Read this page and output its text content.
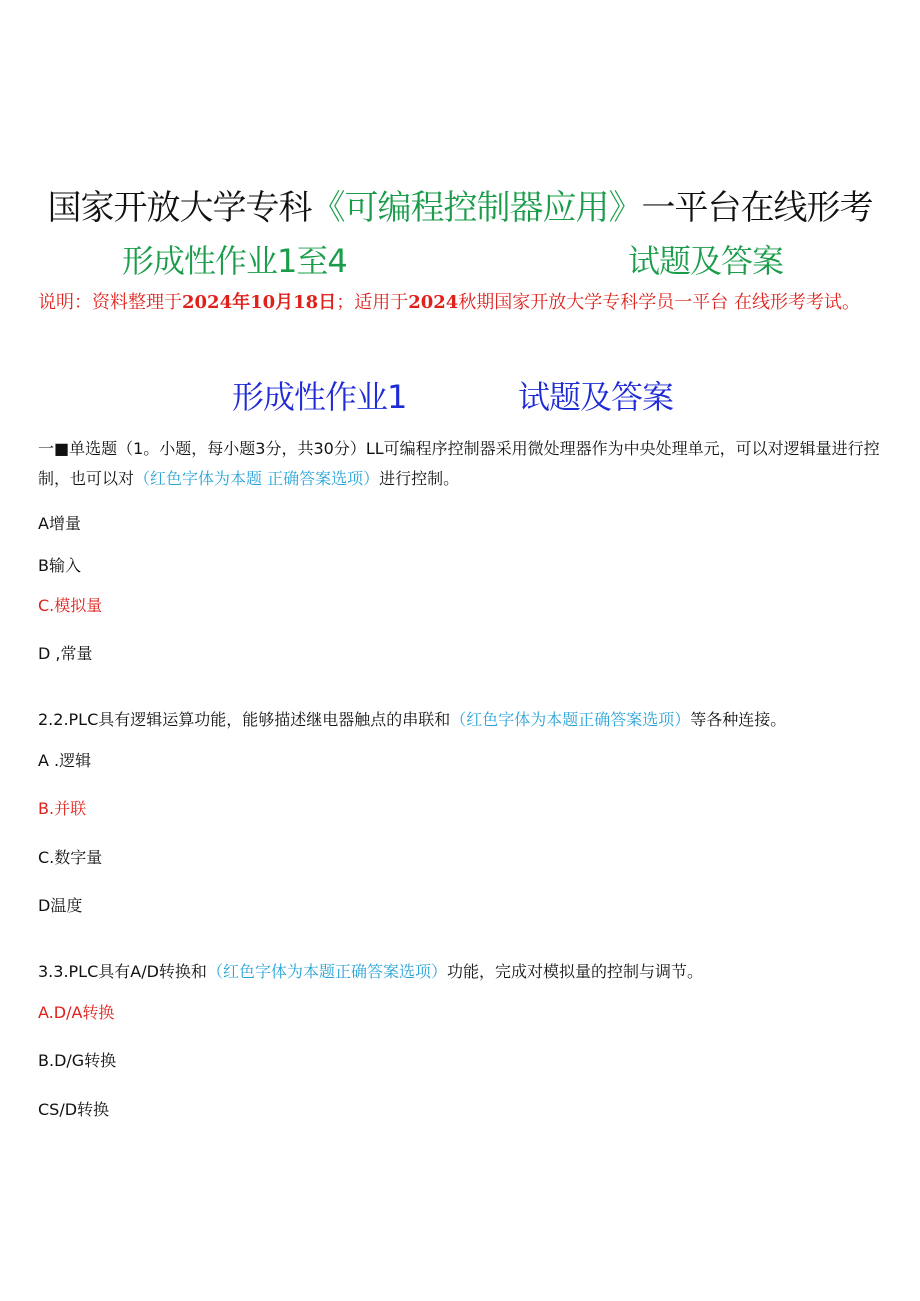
国家开放大学专科《可编程控制器应用》一平台在线形考
形成性作业1至4	试题及答案
说明：资料整理于2024年10月18日；适用于2024秋期国家开放大学专科学员一平台 在线形考考试。
形成性作业1	试题及答案
一■单选题（1。小题，每小题3分，共30分）LL可编程序控制器采用微处理器作为中央处理单元，可以对逻辑量进行控制，也可以对（红色字体为本题 正确答案选项）进行控制。
A增量
B输入
C.模拟量
D ,常量
2.2.PLC具有逻辑运算功能，能够描述继电器触点的串联和（红色字体为本题正确答案选项）等各种连接。
A .逻辑
B.并联
C.数字量
D温度
3.3.PLC具有A/D转换和（红色字体为本题正确答案选项）功能，完成对模拟量的控制与调节。
A.D/A转换
B.D/G转换
CS/D转换
